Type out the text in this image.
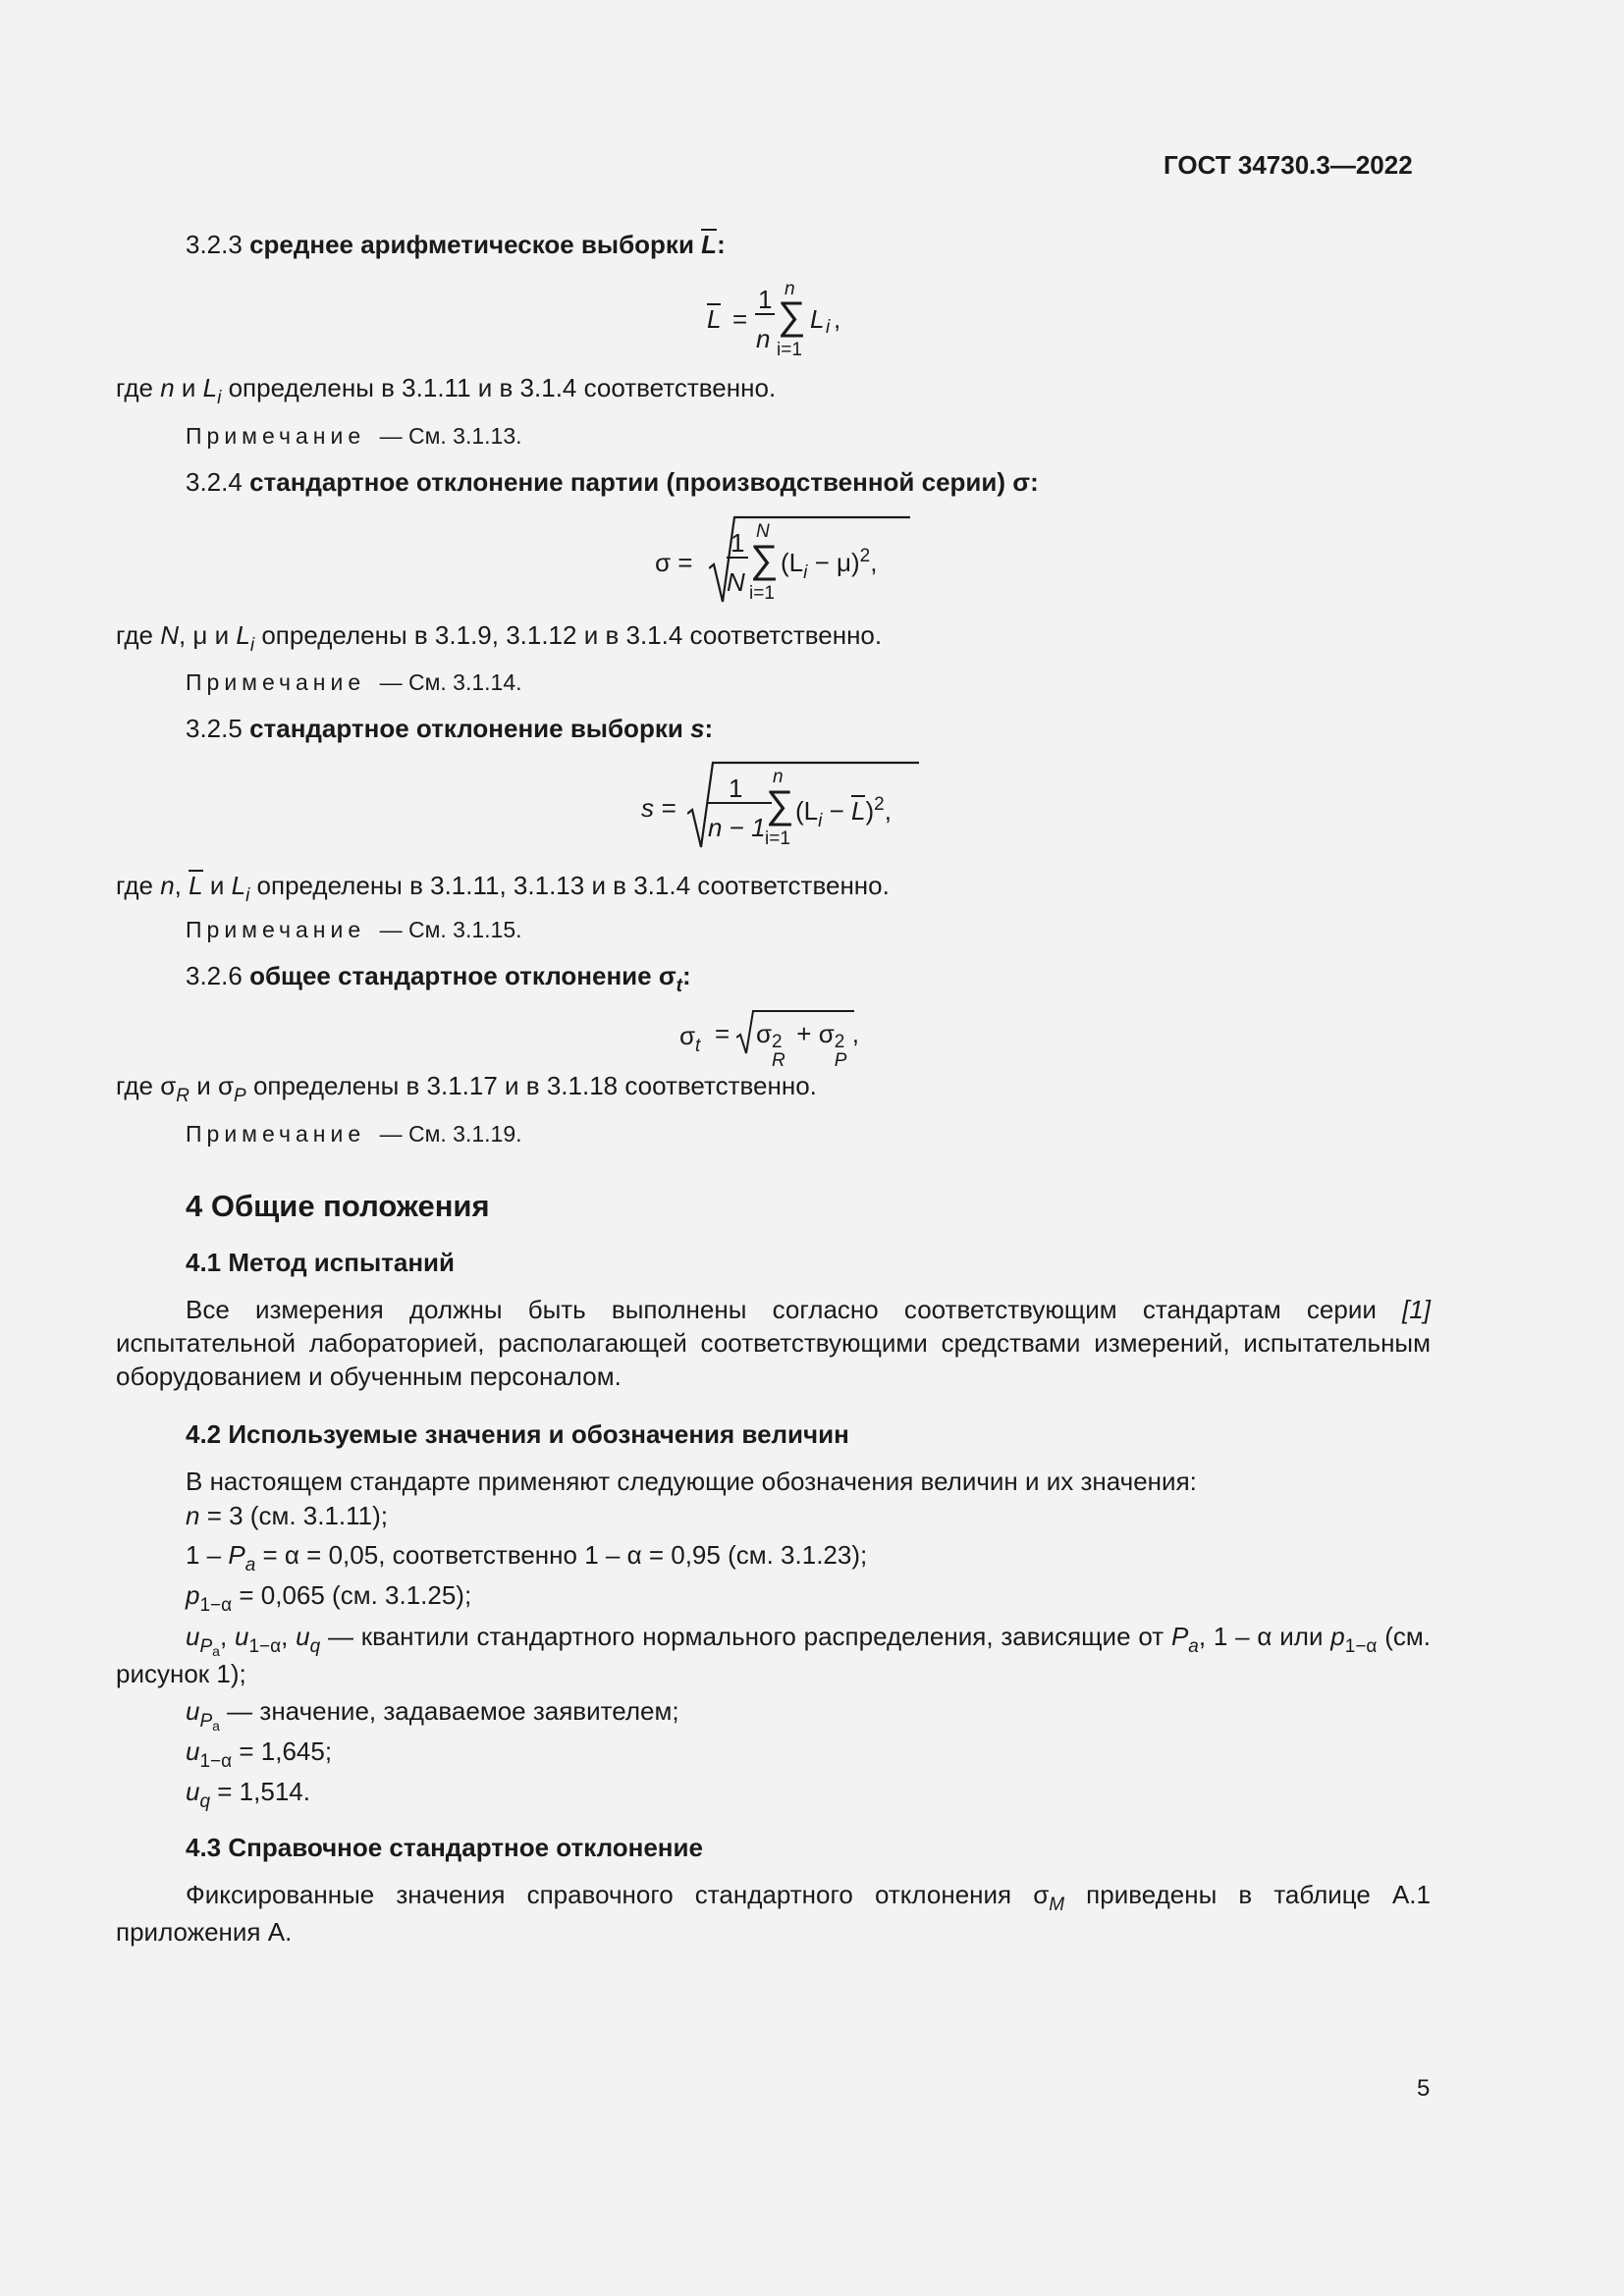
ГОСТ 34730.3—2022
3.2.3 среднее арифметическое выборки L:
L =
1
n
∑
n
i=1
L i ,
где n и $L_i$ определены в 3.1.11 и в 3.1.4 соответственно.
Примечание — См. 3.1.13.
3.2.4 стандартное отклонение партии (производственной серии) σ:
σ =
1
N
∑
N
i=1
$(L_i - \mu)^2$,
где N, μ и $L_i$ определены в 3.1.9, 3.1.12 и в 3.1.4 соответственно.
Примечание — См. 3.1.14.
3.2.5 стандартное отклонение выборки s:
s =
1
n − 1
∑
n
i=1
$(L_i - L)^2$,
где n, L и $L_i$ определены в 3.1.11, 3.1.13 и в 3.1.4 соответственно.
Примечание — См. 3.1.15.
3.2.6 общее стандартное отклонение $\sigma_t$:
$\sigma_t = \sigma$ 2
R
+ σ 2
P
,
где $\sigma_R$ и $\sigma_P$ определены в 3.1.17 и в 3.1.18 соответственно.
Примечание — См. 3.1.19.
4 Общие положения
4.1 Метод испытаний
Все измерения должны быть выполнены согласно соответствующим стандартам серии [1] испытательной лабораторией, располагающей соответствующими средствами измерений, испытательным оборудованием и обученным персоналом.
4.2 Используемые значения и обозначения величин
В настоящем стандарте применяют следующие обозначения величин и их значения:
n = 3 (см. 3.1.11);
$1 - P_a = \alpha = 0,05$, соответственно 1 – α = 0,95 (см. 3.1.23);
$p_{1-\alpha} = 0,065$ (см. 3.1.25);
$u_{Pa}$, $u_{1-\alpha}$, $u_q$ — квантили стандартного нормального распределения, зависящие от $P_a$, 1 – α или $p_{1-\alpha}$ (см. рисунок 1);
$u_{Pa}$ — значение, задаваемое заявителем;
$u_{1-\alpha} = 1,645$;
$u_q = 1,514$.
4.3 Справочное стандартное отклонение
Фиксированные значения справочного стандартного отклонения $\sigma_M$ приведены в таблице А.1 приложения А.
5
